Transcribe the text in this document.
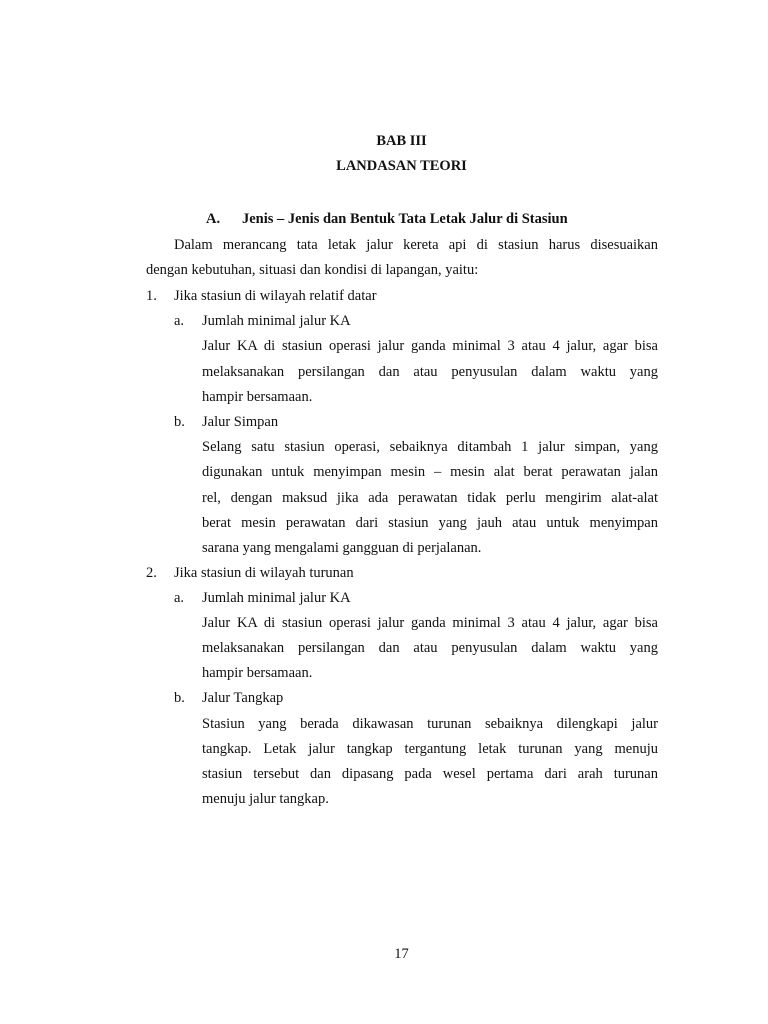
BAB III

LANDASAN TEORI

A. Jenis – Jenis dan Bentuk Tata Letak Jalur di Stasiun

Dalam merancang tata letak jalur kereta api di stasiun harus disesuaikan

dengan kebutuhan, situasi dan kondisi di lapangan, yaitu:

1. Jika stasiun di wilayah relatif datar

a. Jumlah minimal jalur KA

Jalur KA di stasiun operasi jalur ganda minimal 3 atau 4 jalur, agar bisa

melaksanakan persilangan dan atau penyusulan dalam waktu yang

hampir bersamaan.

b. Jalur Simpan

Selang satu stasiun operasi, sebaiknya ditambah 1 jalur simpan, yang

digunakan untuk menyimpan mesin – mesin alat berat perawatan jalan

rel, dengan maksud jika ada perawatan tidak perlu mengirim alat-alat

berat mesin perawatan dari stasiun yang jauh atau untuk menyimpan

sarana yang mengalami gangguan di perjalanan.

2. Jika stasiun di wilayah turunan

a. Jumlah minimal jalur KA

Jalur KA di stasiun operasi jalur ganda minimal 3 atau 4 jalur, agar bisa

melaksanakan persilangan dan atau penyusulan dalam waktu yang

hampir bersamaan.

b. Jalur Tangkap

Stasiun yang berada dikawasan turunan sebaiknya dilengkapi jalur

tangkap. Letak jalur tangkap tergantung letak turunan yang menuju

stasiun tersebut dan dipasang pada wesel pertama dari arah turunan

menuju jalur tangkap.

17
